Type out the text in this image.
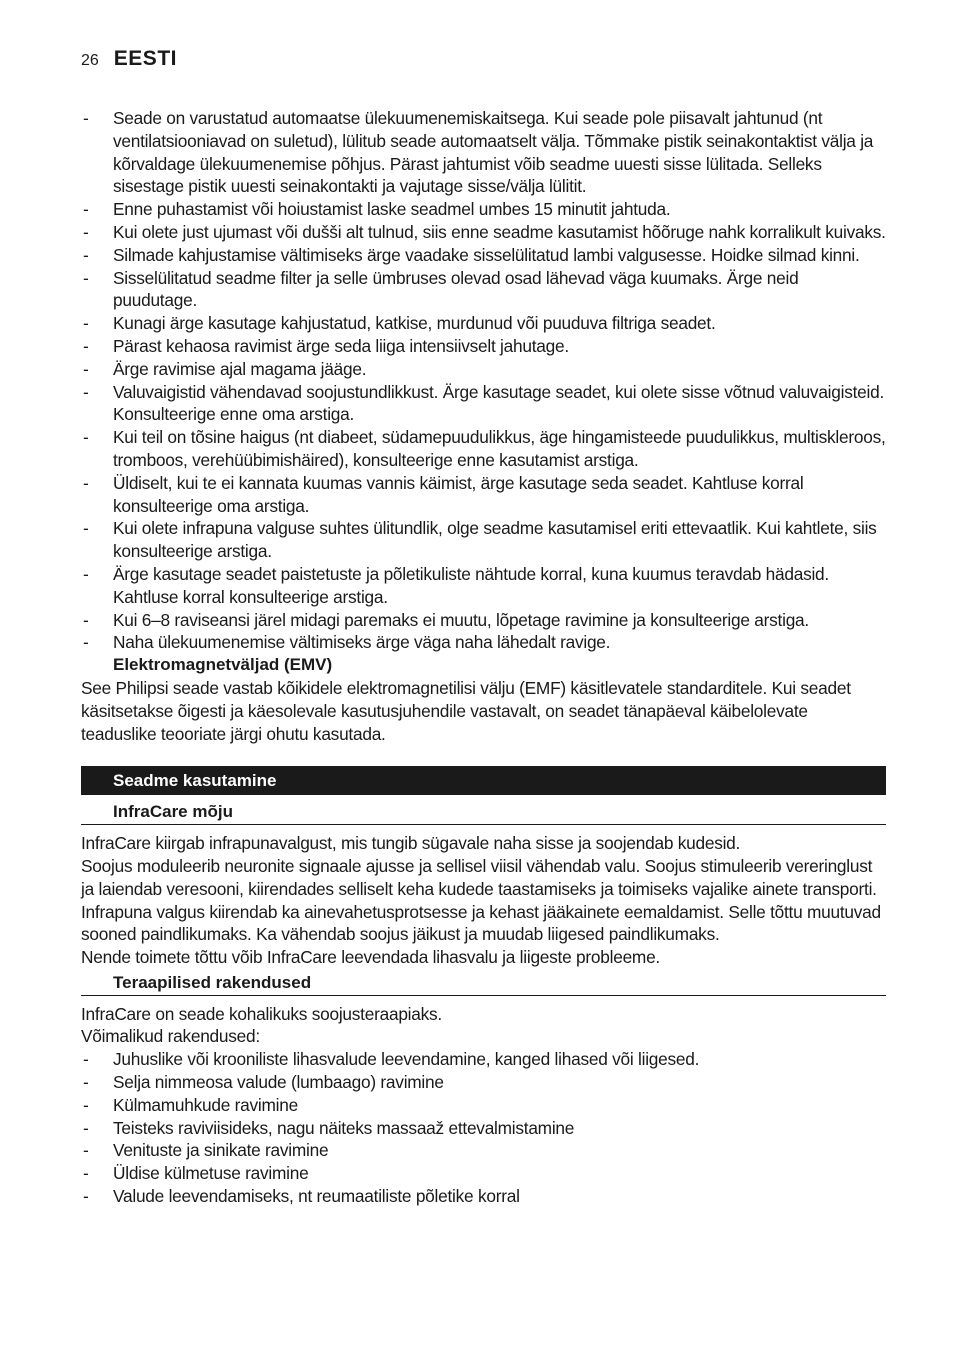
26 EESTI
- Seade on varustatud automaatse ülekuumenemiskaitsega. Kui seade pole piisavalt jahtunud (nt ventilatsiooniavad on suletud), lülitub seade automaatselt välja. Tõmmake pistik seinakontaktist välja ja kõrvaldage ülekuumenemise põhjus. Pärast jahtumist võib seadme uuesti sisse lülitada. Selleks sisestage pistik uuesti seinakontakti ja vajutage sisse/välja lülitit.
- Enne puhastamist või hoiustamist laske seadmel umbes 15 minutit jahtuda.
- Kui olete just ujumast või dušši alt tulnud, siis enne seadme kasutamist hõõruge nahk korralikult kuivaks.
- Silmade kahjustamise vältimiseks ärge vaadake sisselülitatud lambi valgusesse. Hoidke silmad kinni.
- Sisselülitatud seadme filter ja selle ümbruses olevad osad lähevad väga kuumaks. Ärge neid puudutage.
- Kunagi ärge kasutage kahjustatud, katkise, murdunud või puuduva filtriga seadet.
- Pärast kehaosa ravimist ärge seda liiga intensiivselt jahutage.
- Ärge ravimise ajal magama jääge.
- Valuvaigistid vähendavad soojustundlikkust. Ärge kasutage seadet, kui olete sisse võtnud valuvaigisteid. Konsulteerige enne oma arstiga.
- Kui teil on tõsine haigus (nt diabeet, südamepuudulikkus, äge hingamisteede puudulikkus, multiskleroos, tromboos, verehüübimishäired), konsulteerige enne kasutamist arstiga.
- Üldiselt, kui te ei kannata kuumas vannis käimist, ärge kasutage seda seadet. Kahtluse korral konsulteerige oma arstiga.
- Kui olete infrapuna valguse suhtes ülitundlik, olge seadme kasutamisel eriti ettevaatlik. Kui kahtlete, siis konsulteerige arstiga.
- Ärge kasutage seadet paistetuste ja põletikuliste nähtude korral, kuna kuumus teravdab hädasid. Kahtluse korral konsulteerige arstiga.
- Kui 6–8 raviseansi järel midagi paremaks ei muutu, lõpetage ravimine ja konsulteerige arstiga.
- Naha ülekuumenemise vältimiseks ärge väga naha lähedalt ravige.
Elektromagnetväljad (EMV)

See Philipsi seade vastab kõikidele elektromagnetilisi välju (EMF) käsitlevatele standarditele. Kui seadet käsitsetakse õigesti ja käesolevale kasutusjuhendile vastavalt, on seadet tänapäeval käibelolevate teaduslike teooriate järgi ohutu kasutada.

Seadme kasutamine
InfraCare mõju

InfraCare kiirgab infrapunavalgust, mis tungib sügavale naha sisse ja soojendab kudesid.

Soojus moduleerib neuronite signaale ajusse ja sellisel viisil vähendab valu. Soojus stimuleerib vereringlust ja laiendab veresooni, kiirendades selliselt keha kudede taastamiseks ja toimiseks vajalike ainete transporti. Infrapuna valgus kiirendab ka ainevahetusprotsesse ja kehast jääkainete eemaldamist. Selle tõttu muutuvad sooned paindlikumaks. Ka vähendab soojus jäikust ja muudab liigesed paindlikumaks.

Nende toimete tõttu võib InfraCare leevendada lihasvalu ja liigeste probleeme.

Teraapilised rakendused

InfraCare on seade kohalikuks soojusteraapiaks.

Võimalikud rakendused:

- Juhuslike või krooniliste lihasvalude leevendamine, kanged lihased või liigesed.
- Selja nimmeosa valude (lumbaago) ravimine
- Külmamuhkude ravimine
- Teisteks raviviisideks, nagu näiteks massaaž ettevalmistamine
- Venituste ja sinikate ravimine
- Üldise külmetuse ravimine
- Valude leevendamiseks, nt reumaatiliste põletike korral
